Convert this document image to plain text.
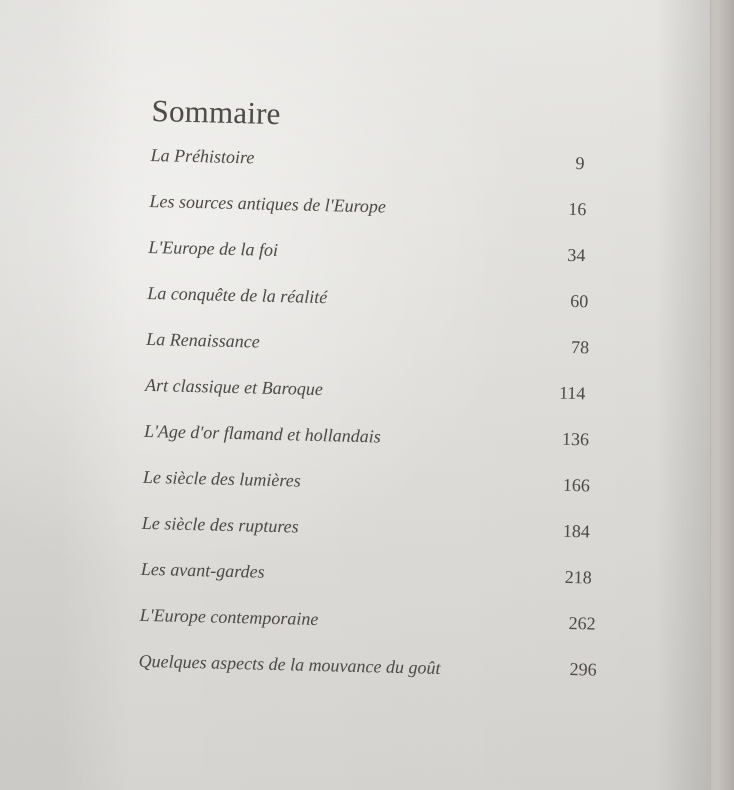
Sommaire
La Préhistoire	9
Les sources antiques de l'Europe	16
L'Europe de la foi	34
La conquête de la réalité	60
La Renaissance	78
Art classique et Baroque	114
L'Age d'or flamand et hollandais	136
Le siècle des lumières	166
Le siècle des ruptures	184
Les avant-gardes	218
L'Europe contemporaine	262
Quelques aspects de la mouvance du goût	296
